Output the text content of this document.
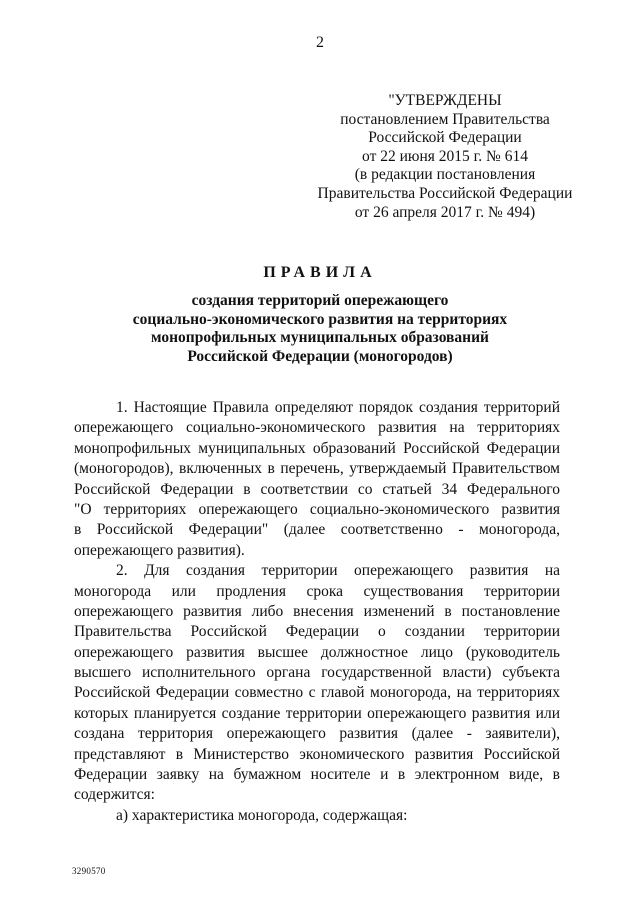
2
"УТВЕРЖДЕНЫ
постановлением Правительства
Российской Федерации
от 22 июня 2015 г. № 614
(в редакции постановления
Правительства Российской Федерации
от 26 апреля 2017 г. № 494)
ПРАВИЛА
создания территорий опережающего
социально-экономического развития на территориях
монопрофильных муниципальных образований
Российской Федерации (моногородов)
1. Настоящие Правила определяют порядок создания территорий
опережающего социально-экономического развития на территориях
монопрофильных муниципальных образований Российской Федерации
(моногородов), включенных в перечень, утверждаемый Правительством
Российской Федерации в соответствии со статьей 34 Федерального
"О территориях опережающего социально-экономического развития
в Российской Федерации" (далее соответственно - моногорода,
опережающего развития).
2. Для создания территории опережающего развития на
моногорода или продления срока существования территории
опережающего развития либо внесения изменений в постановление
Правительства Российской Федерации о создании территории
опережающего развития высшее должностное лицо (руководитель
высшего исполнительного органа государственной власти) субъекта
Российской Федерации совместно с главой моногорода, на территориях
которых планируется создание территории опережающего развития или
создана территория опережающего развития (далее - заявители),
представляют в Министерство экономического развития Российской
Федерации заявку на бумажном носителе и в электронном виде, в
содержится:
а) характеристика моногорода, содержащая:
3290570
